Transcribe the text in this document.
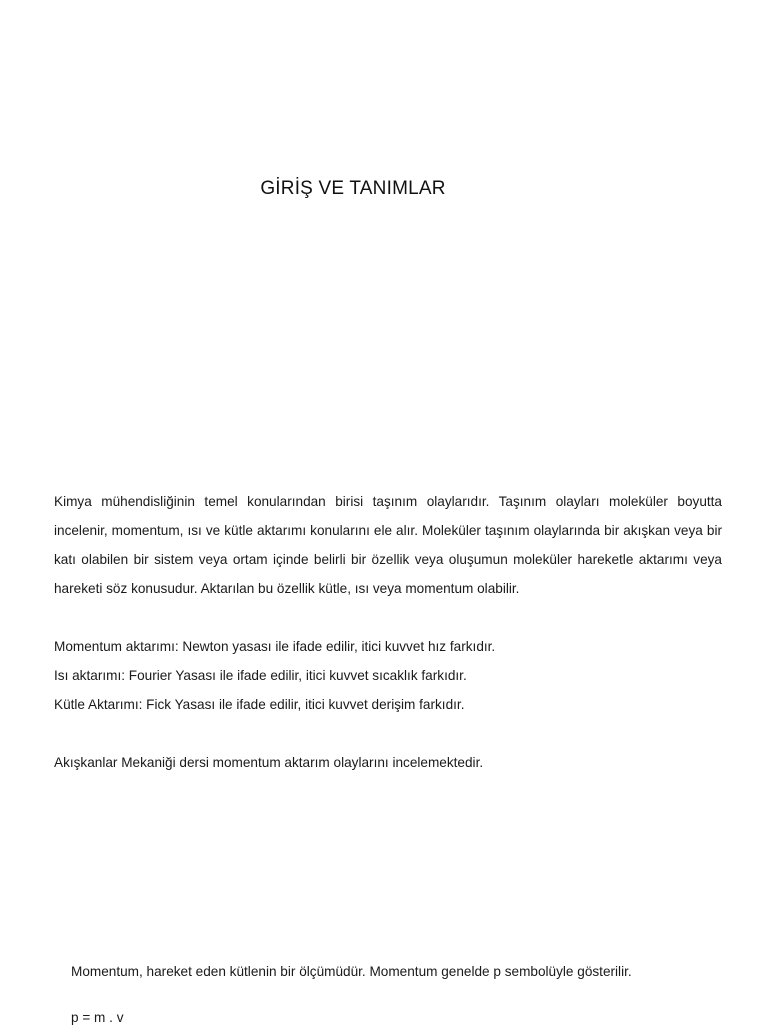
GİRİŞ VE TANIMLAR
Kimya mühendisliğinin temel konularından birisi taşınım olaylarıdır. Taşınım olayları moleküler boyutta incelenir, momentum, ısı ve kütle aktarımı konularını ele alır. Moleküler taşınım olaylarında bir akışkan veya bir katı olabilen bir sistem veya ortam içinde belirli bir özellik veya oluşumun moleküler hareketle aktarımı veya hareketi söz konusudur. Aktarılan bu özellik kütle, ısı veya momentum olabilir.
Momentum aktarımı: Newton yasası ile ifade edilir, itici kuvvet hız farkıdır.
Isı aktarımı: Fourier Yasası ile ifade edilir, itici kuvvet sıcaklık farkıdır.
Kütle Aktarımı: Fick Yasası ile ifade edilir, itici kuvvet derişim farkıdır.
Akışkanlar Mekaniği dersi momentum aktarım olaylarını incelemektedir.
Momentum, hareket eden kütlenin bir ölçümüdür. Momentum genelde p sembolüyle gösterilir.
p = m . v
